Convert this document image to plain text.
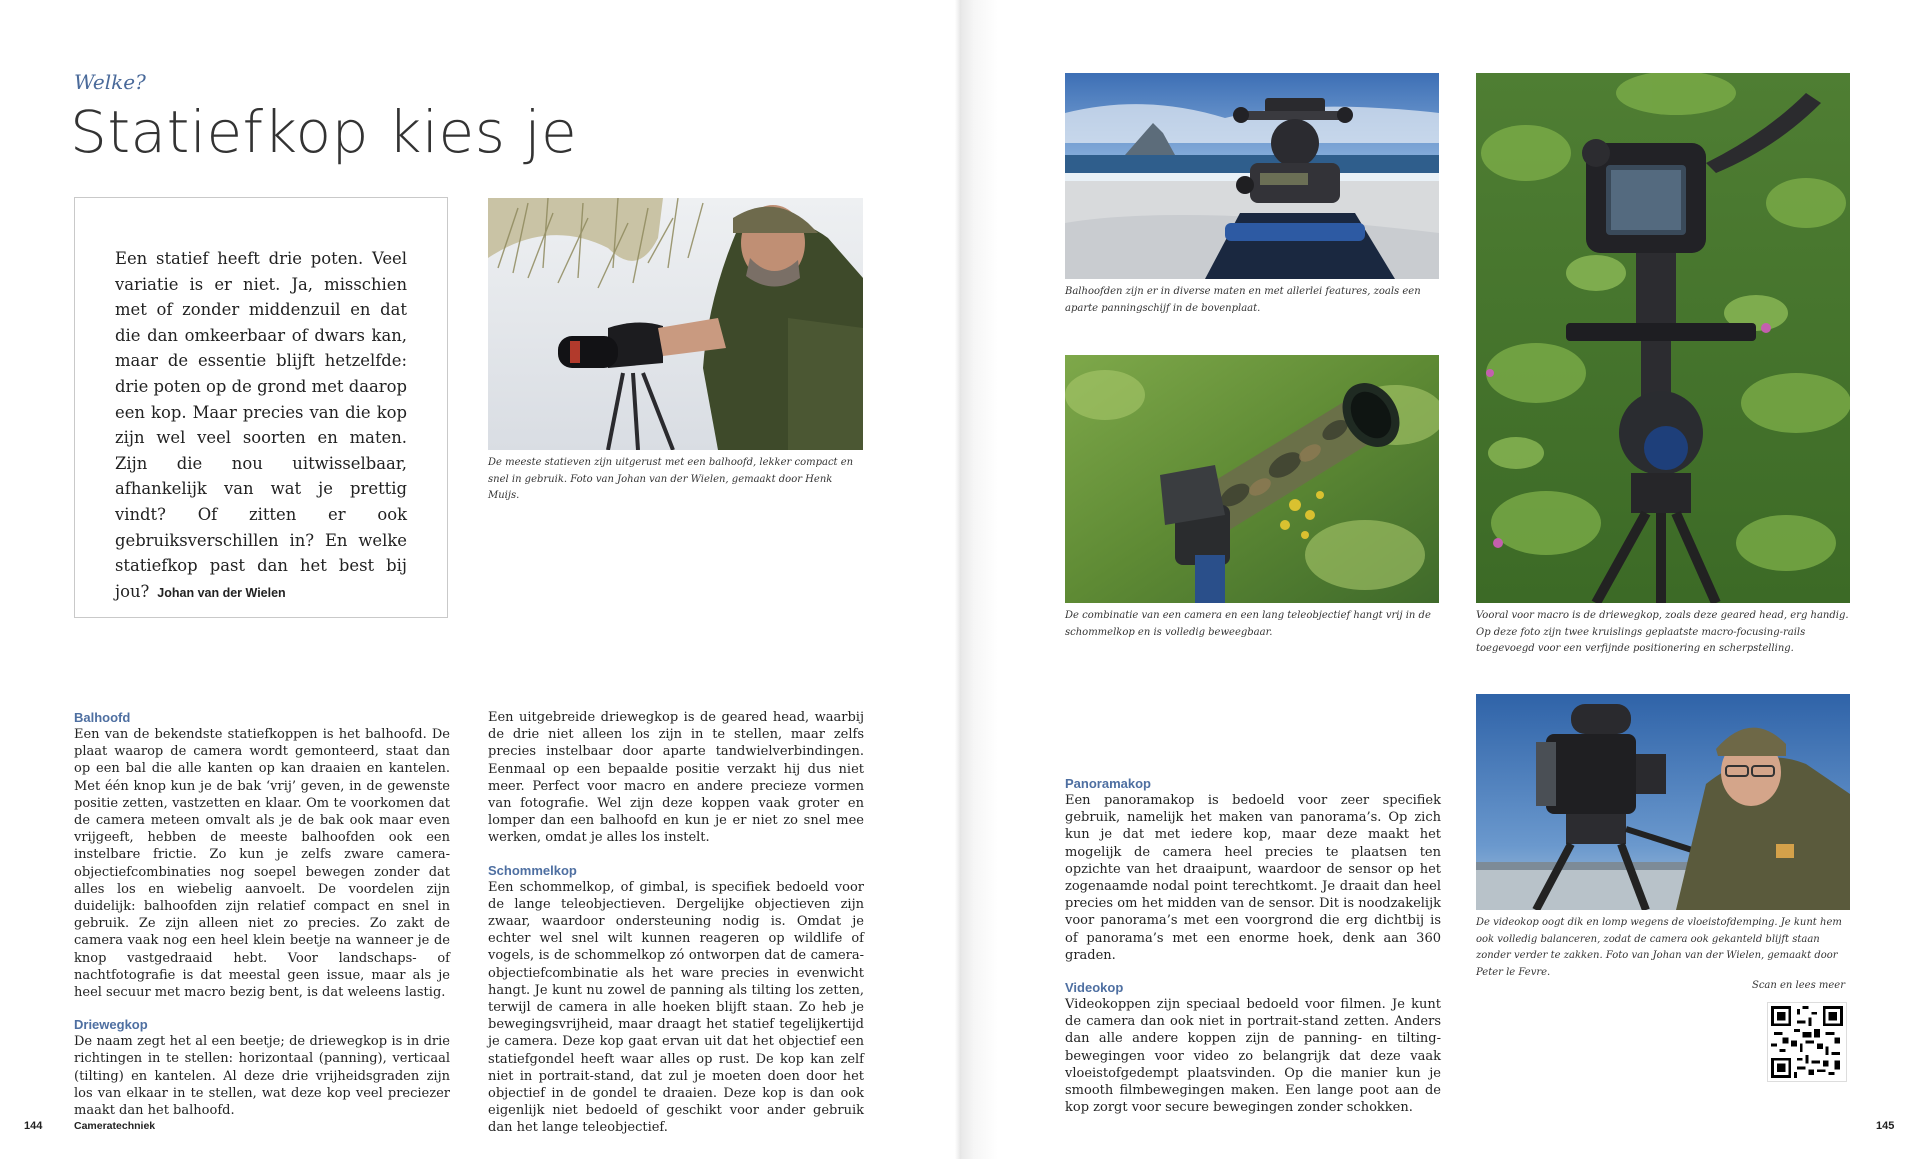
Welke?
Statiefkop kies je
Een statief heeft drie poten. Veel variatie is er niet. Ja, misschien met of zonder middenzuil en dat die dan omkeerbaar of dwars kan, maar de essentie blijft hetzelfde: drie poten op de grond met daarop een kop. Maar precies van die kop zijn wel veel soorten en maten. Zijn die nou uitwisselbaar, afhankelijk van wat je prettig vindt? Of zitten er ook gebruiksverschillen in? En welke statiefkop past dan het best bij jou? Johan van der Wielen
De meeste statieven zijn uitgerust met een balhoofd, lekker compact en snel in gebruik. Foto van Johan van der Wielen, gemaakt door Henk Muijs.

Balhoofd

Een van de bekendste statiefkoppen is het balhoofd. De plaat waarop de camera wordt gemonteerd, staat dan op een bal die alle kanten op kan draaien en kantelen. Met één knop kun je de bak ‘vrij’ geven, in de gewenste positie zetten, vastzetten en klaar. Om te voorkomen dat de camera meteen omvalt als je de bak ook maar even vrijgeeft, hebben de meeste balhoofden ook een instelbare frictie. Zo kun je zelfs zware camera-objectiefcombinaties nog soepel bewegen zonder dat alles los en wiebelig aanvoelt. De voordelen zijn duidelijk: balhoofden zijn relatief compact en snel in gebruik. Ze zijn alleen niet zo precies. Zo zakt de camera vaak nog een heel klein beetje na wanneer je de knop vastgedraaid hebt. Voor landschaps- of nachtfotografie is dat meestal geen issue, maar als je heel secuur met macro bezig bent, is dat weleens lastig.

Driewegkop

De naam zegt het al een beetje; de driewegkop is in drie richtingen in te stellen: horizontaal (panning), verticaal (tilting) en kantelen. Al deze drie vrijheidsgraden zijn los van elkaar in te stellen, wat deze kop veel preciezer maakt dan het balhoofd.

Een uitgebreide driewegkop is de geared head, waarbij de drie niet alleen los zijn in te stellen, maar zelfs precies instelbaar door aparte tandwielverbindingen. Eenmaal op een bepaalde positie verzakt hij dus niet meer. Perfect voor macro en andere precieze vormen van fotografie. Wel zijn deze koppen vaak groter en lomper dan een balhoofd en kun je er niet zo snel mee werken, omdat je alles los instelt.

Schommelkop

Een schommelkop, of gimbal, is specifiek bedoeld voor de lange teleobjectieven. Dergelijke objectieven zijn zwaar, waardoor ondersteuning nodig is. Omdat je echter wel snel wilt kunnen reageren op wildlife of vogels, is de schommelkop zó ontworpen dat de camera-objectiefcombinatie als het ware precies in evenwicht hangt. Je kunt nu zowel de panning als tilting los zetten, terwijl de camera in alle hoeken blijft staan. Zo heb je bewegingsvrijheid, maar draagt het statief tegelijkertijd je camera. Deze kop gaat ervan uit dat het objectief een statiefgondel heeft waar alles op rust. De kop kan zelf niet in portrait-stand, dat zul je moeten doen door het objectief in de gondel te draaien. Deze kop is dan ook eigenlijk niet bedoeld of geschikt voor ander gebruik dan het lange teleobjectief.

Balhoofden zijn er in diverse maten en met allerlei features, zoals een aparte panningschijf in de bovenplaat.
De combinatie van een camera en een lang teleobjectief hangt vrij in de schommelkop en is volledig beweegbaar.
Vooral voor macro is de driewegkop, zoals deze geared head, erg handig. Op deze foto zijn twee kruislings geplaatste macro-focusing-rails toegevoegd voor een verfijnde positionering en scherpstelling.
De videokop oogt dik en lomp wegens de vloeistofdemping. Je kunt hem ook volledig balanceren, zodat de camera ook gekanteld blijft staan zonder verder te zakken. Foto van Johan van der Wielen, gemaakt door Peter le Fevre.

Panoramakop

Een panoramakop is bedoeld voor zeer specifiek gebruik, namelijk het maken van panorama’s. Op zich kun je dat met iedere kop, maar deze maakt het mogelijk de camera heel precies te plaatsen ten opzichte van het draaipunt, waardoor de sensor op het zogenaamde nodal point terechtkomt. Je draait dan heel precies om het midden van de sensor. Dit is noodzakelijk voor panorama’s met een voorgrond die erg dichtbij is of panorama’s met een enorme hoek, denk aan 360 graden.

Videokop

Videokoppen zijn speciaal bedoeld voor filmen. Je kunt de camera dan ook niet in portrait-stand zetten. Anders dan alle andere koppen zijn de panning- en tilting-bewegingen voor video zo belangrijk dat deze vaak vloeistofgedempt plaatsvinden. Op die manier kun je smooth filmbewegingen maken. Een lange poot aan de kop zorgt voor secure bewegingen zonder schokken.

Scan en lees meer
144	Cameratechniek	145
